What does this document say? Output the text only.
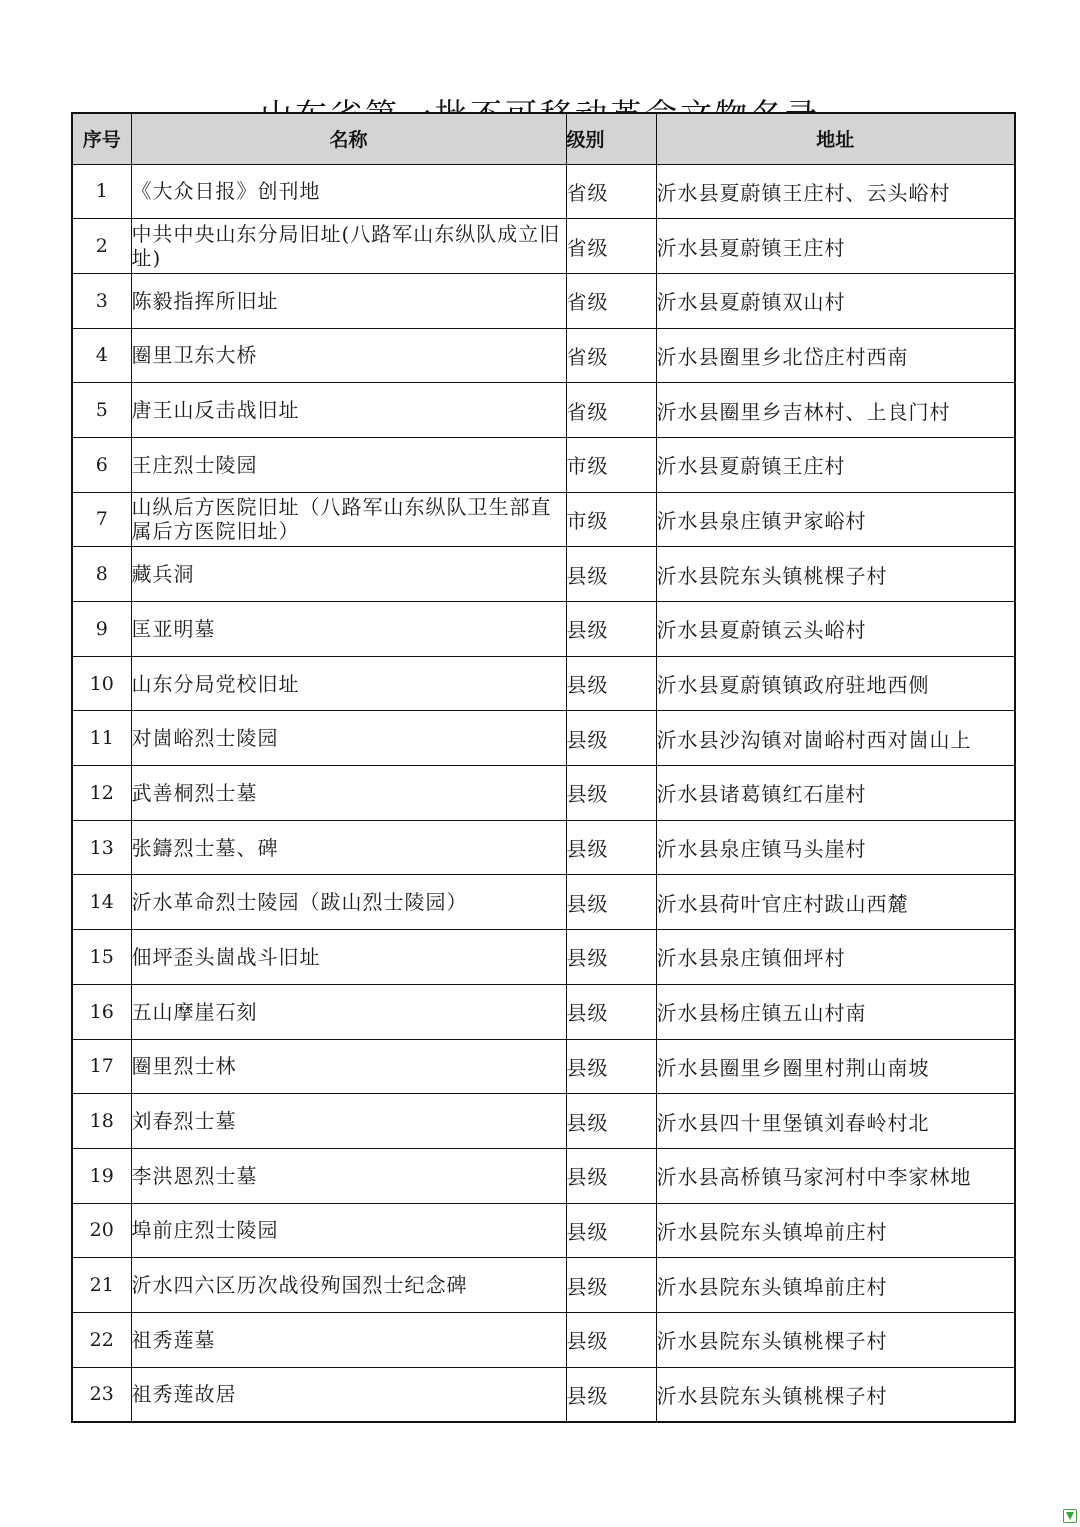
序号	名称	级别	地址
1	《大众日报》创刊地	省级	沂水县夏蔚镇王庄村、云头峪村
2	中共中央山东分局旧址(八路军山东纵队成立旧址)	省级	沂水县夏蔚镇王庄村
3	陈毅指挥所旧址	省级	沂水县夏蔚镇双山村
4	圈里卫东大桥	省级	沂水县圈里乡北岱庄村西南
5	唐王山反击战旧址	省级	沂水县圈里乡吉林村、上良门村
6	王庄烈士陵园	市级	沂水县夏蔚镇王庄村
7	山纵后方医院旧址（八路军山东纵队卫生部直属后方医院旧址）	市级	沂水县泉庄镇尹家峪村
8	藏兵洞	县级	沂水县院东头镇桃棵子村
9	匡亚明墓	县级	沂水县夏蔚镇云头峪村
10	山东分局党校旧址	县级	沂水县夏蔚镇镇政府驻地西侧
11	对崮峪烈士陵园	县级	沂水县沙沟镇对崮峪村西对崮山上
12	武善桐烈士墓	县级	沂水县诸葛镇红石崖村
13	张鑄烈士墓、碑	县级	沂水县泉庄镇马头崖村
14	沂水革命烈士陵园（跋山烈士陵园）	县级	沂水县荷叶官庄村跋山西麓
15	佃坪歪头崮战斗旧址	县级	沂水县泉庄镇佃坪村
16	五山摩崖石刻	县级	沂水县杨庄镇五山村南
17	圈里烈士林	县级	沂水县圈里乡圈里村荆山南坡
18	刘春烈士墓	县级	沂水县四十里堡镇刘春岭村北
19	李洪恩烈士墓	县级	沂水县高桥镇马家河村中李家林地
20	埠前庄烈士陵园	县级	沂水县院东头镇埠前庄村
21	沂水四六区历次战役殉国烈士纪念碑	县级	沂水县院东头镇埠前庄村
22	祖秀莲墓	县级	沂水县院东头镇桃棵子村
23	祖秀莲故居	县级	沂水县院东头镇桃棵子村
